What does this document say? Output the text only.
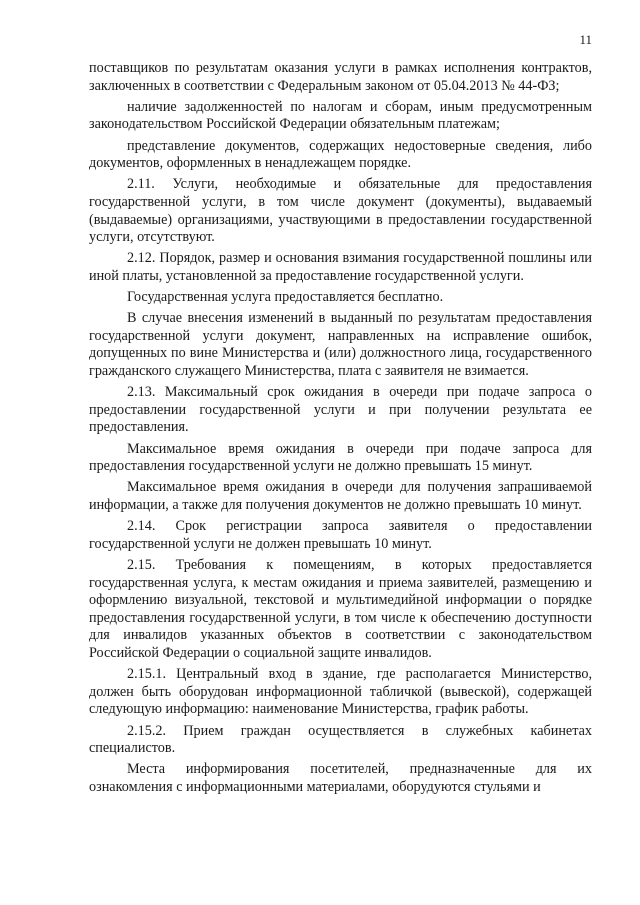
11

поставщиков по результатам оказания услуги в рамках исполнения контрактов, заключенных в соответствии с Федеральным законом от 05.04.2013 № 44-ФЗ;

наличие задолженностей по налогам и сборам, иным предусмотренным законодательством Российской Федерации обязательным платежам;

представление документов, содержащих недостоверные сведения, либо документов, оформленных в ненадлежащем порядке.

2.11. Услуги, необходимые и обязательные для предоставления государственной услуги, в том числе документ (документы), выдаваемый (выдаваемые) организациями, участвующими в предоставлении государственной услуги, отсутствуют.

2.12. Порядок, размер и основания взимания государственной пошлины или иной платы, установленной за предоставление государственной услуги.

Государственная услуга предоставляется бесплатно.

В случае внесения изменений в выданный по результатам предоставления государственной услуги документ, направленных на исправление ошибок, допущенных по вине Министерства и (или) должностного лица, государственного гражданского служащего Министерства, плата с заявителя не взимается.

2.13. Максимальный срок ожидания в очереди при подаче запроса о предоставлении государственной услуги и при получении результата ее предоставления.

Максимальное время ожидания в очереди при подаче запроса для предоставления государственной услуги не должно превышать 15 минут.

Максимальное время ожидания в очереди для получения запрашиваемой информации, а также для получения документов не должно превышать 10 минут.

2.14. Срок регистрации запроса заявителя о предоставлении государственной услуги не должен превышать 10 минут.

2.15. Требования к помещениям, в которых предоставляется государственная услуга, к местам ожидания и приема заявителей, размещению и оформлению визуальной, текстовой и мультимедийной информации о порядке предоставления государственной услуги, в том числе к обеспечению доступности для инвалидов указанных объектов в соответствии с законодательством Российской Федерации о социальной защите инвалидов.

2.15.1. Центральный вход в здание, где располагается Министерство, должен быть оборудован информационной табличкой (вывеской), содержащей следующую информацию: наименование Министерства, график работы.

2.15.2. Прием граждан осуществляется в служебных кабинетах специалистов.

Места информирования посетителей, предназначенные для их ознакомления с информационными материалами, оборудуются стульями и
